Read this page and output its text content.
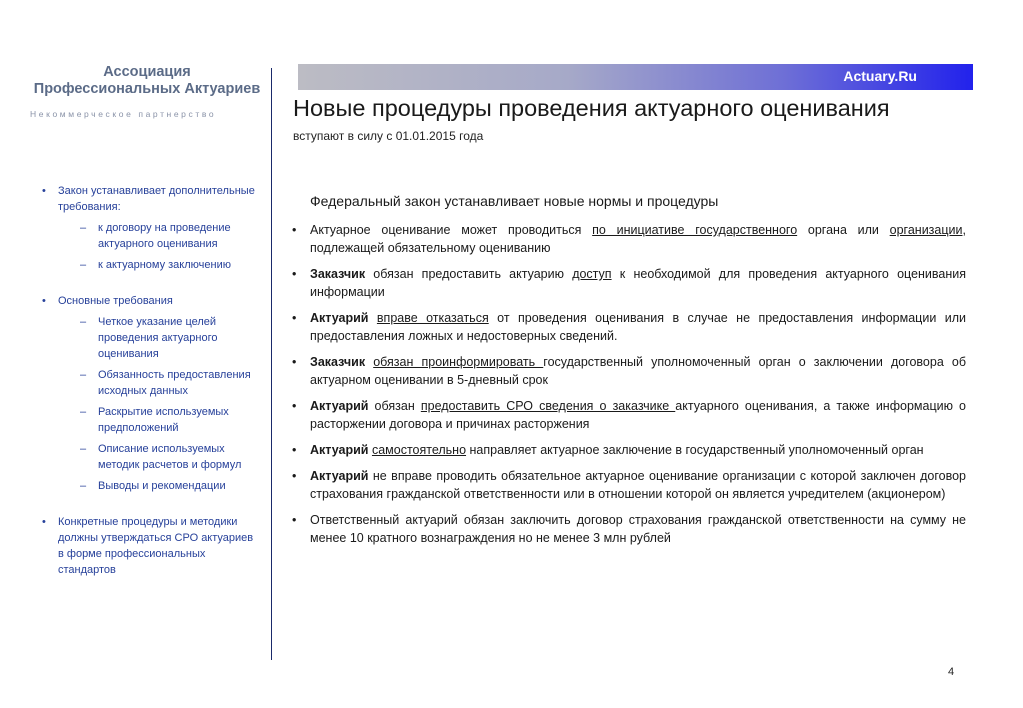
Ассоциация
Профессиональных Актуариев
Некоммерческое партнерство
Actuary.Ru
Новые процедуры проведения актуарного оценивания
вступают в силу с 01.01.2015 года
• Закон устанавливает дополнительные требования:
– к договору на проведение актуарного оценивания
– к актуарному заключению
• Основные требования
– Четкое указание целей проведения актуарного оценивания
– Обязанность предоставления исходных данных
– Раскрытие используемых предположений
– Описание используемых методик расчетов и формул
– Выводы и рекомендации
• Конкретные процедуры и методики должны утверждаться СРО актуариев в форме профессиональных стандартов
Федеральный закон устанавливает новые нормы и процедуры
• Актуарное оценивание может проводиться по инициативе государственного органа или организации, подлежащей обязательному оцениванию
• Заказчик обязан предоставить актуарию доступ к необходимой для проведения актуарного оценивания информации
• Актуарий вправе отказаться от проведения оценивания в случае не предоставления информации или предоставления ложных и недостоверных сведений.
• Заказчик обязан проинформировать государственный уполномоченный орган о заключении договора об актуарном оценивании в 5-дневный срок
• Актуарий обязан предоставить СРО сведения о заказчике актуарного оценивания, а также информацию о расторжении договора и причинах расторжения
• Актуарий самостоятельно направляет актуарное заключение в государственный уполномоченный орган
• Актуарий не вправе проводить обязательное актуарное оценивание организации с которой заключен договор страхования гражданской ответственности или в отношении которой он является учредителем (акционером)
• Ответственный актуарий обязан заключить договор страхования гражданской ответственности на сумму не менее 10 кратного вознаграждения но не менее 3 млн рублей
4
